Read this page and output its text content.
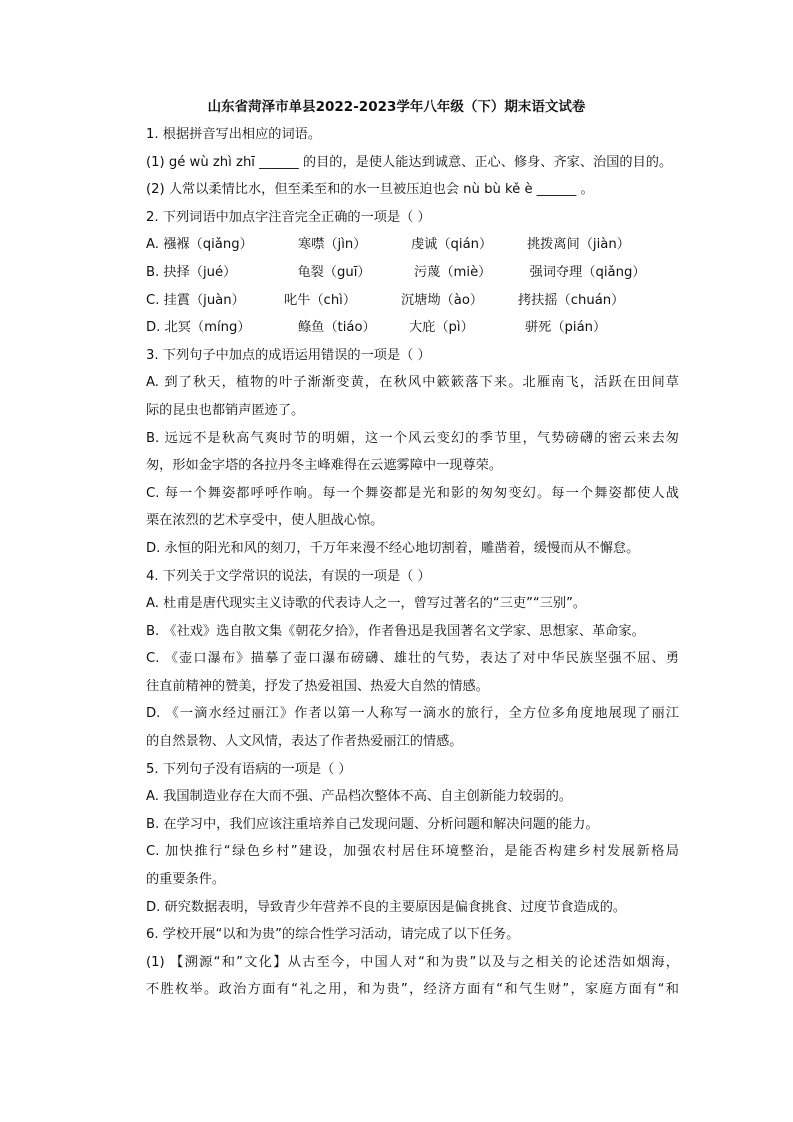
山东省菏泽市单县2022-2023学年八年级（下）期末语文试卷
1. 根据拼音写出相应的词语。
(1) gé wù zhì zhī ______ 的目的，是使人能达到诚意、正心、修身、齐家、治国的目的。
(2) 人常以柔情比水，但至柔至和的水一旦被压迫也会 nù bù kě è ______ 。
2. 下列词语中加点字注音完全正确的一项是（ ）
A. 襁褓（qiǎng）	寒噤（jìn）	虔诚（qián）	挑拨离间（jiàn）
B. 抉择（jué）	龟裂（guī）	污蔑（miè）	强词夺理（qiǎng）
C. 挂霣（juàn）	叱牛（chì）	沉塘坳（ào）	拷扶摇（chuán）
D. 北冥（míng）	鲦鱼（tiáo）	大庇（pì）	骈死（pián）
3. 下列句子中加点的成语运用错误的一项是（ ）
A. 到了秋天，植物的叶子渐渐变黄，在秋风中簌簌落下来。北雁南飞，活跃在田间草
际的昆虫也都销声匿迹了。
B. 远远不是秋高气爽时节的明媚，这一个风云变幻的季节里，气势磅礴的密云来去匆
匆，形如金字塔的各拉丹冬主峰难得在云遮雾障中一现尊荣。
C. 每一个舞姿都呼呼作响。每一个舞姿都是光和影的匆匆变幻。每一个舞姿都使人战
栗在浓烈的艺术享受中，使人胆战心惊。
D. 永恒的阳光和风的刻刀，千万年来漫不经心地切割着，雕凿着，缓慢而从不懈怠。
4. 下列关于文学常识的说法，有误的一项是（ ）
A. 杜甫是唐代现实主义诗歌的代表诗人之一，曾写过著名的“三吏”“三别”。
B. 《社戏》选自散文集《朝花夕拾》，作者鲁迅是我国著名文学家、思想家、革命家。
C. 《壶口瀑布》描摹了壶口瀑布磅礴、雄壮的气势，表达了对中华民族坚强不屈、勇
往直前精神的赞美，抒发了热爱祖国、热爱大自然的情感。
D. 《一滴水经过丽江》作者以第一人称写一滴水的旅行，全方位多角度地展现了丽江
的自然景物、人文风情，表达了作者热爱丽江的情感。
5. 下列句子没有语病的一项是（ ）
A. 我国制造业存在大而不强、产品档次整体不高、自主创新能力较弱的。
B. 在学习中，我们应该注重培养自己发现问题、分析问题和解决问题的能力。
C. 加快推行“绿色乡村”建设，加强农村居住环境整治，是能否构建乡村发展新格局
的重要条件。
D. 研究数据表明，导致青少年营养不良的主要原因是偏食挑食、过度节食造成的。
6. 学校开展“以和为贵”的综合性学习活动，请完成了以下任务。
(1) 【溯源“和”文化】从古至今，中国人对“和为贵”以及与之相关的论述浩如烟海，
不胜枚举。政治方面有“礼之用，和为贵”，经济方面有“和气生财”，家庭方面有“和
